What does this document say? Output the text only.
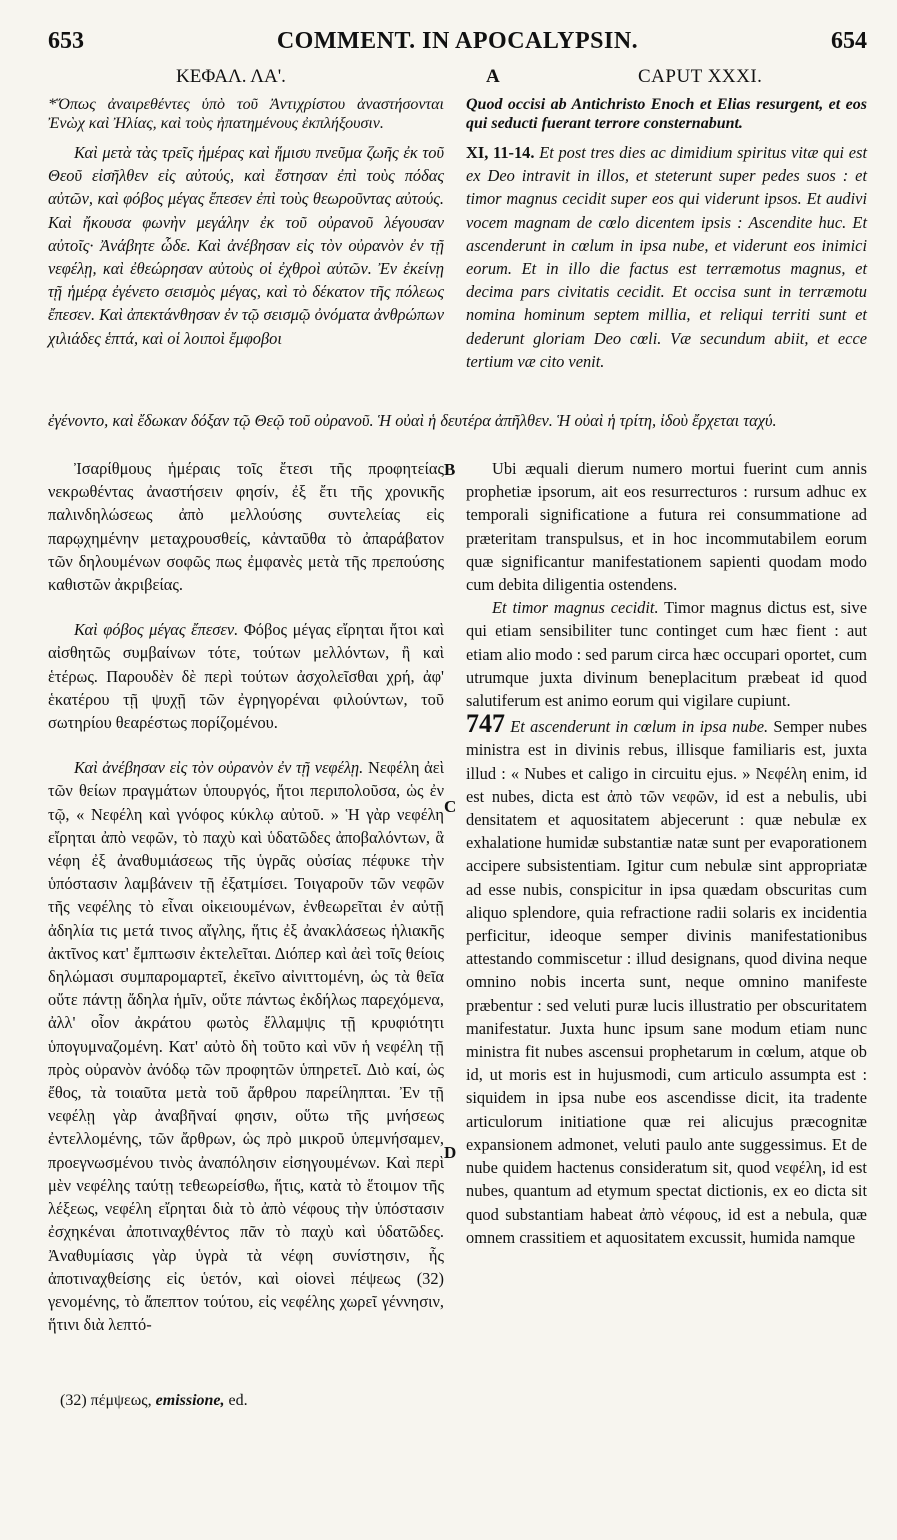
653	COMMENT. IN APOCALYPSIN.	654
ΚΕΦΑΛ. ΛΑ'.	A	CAPUT XXXI.

*Ὅπως ἀναιρεθέντες ὑπὸ τοῦ Ἀντιχρίστου ἀναστήσονται Ἐνὼχ καὶ Ἠλίας, καὶ τοὺς ἠπατημένους ἐκπλήξουσιν.

Καὶ μετὰ τὰς τρεῖς ἡμέρας καὶ ἥμισυ πνεῦμα ζωῆς ἐκ τοῦ Θεοῦ εἰσῆλθεν εἰς αὐτούς, καὶ ἔστησαν ἐπὶ τοὺς πόδας αὐτῶν, καὶ φόβος μέγας ἔπεσεν ἐπὶ τοὺς θεωροῦντας αὐτούς. Καὶ ἤκουσα φωνὴν μεγάλην ἐκ τοῦ οὐρανοῦ λέγουσαν αὐτοῖς· Ἀνάβητε ὧδε. Καὶ ἀνέβησαν εἰς τὸν οὐρανὸν ἐν τῇ νεφέλῃ, καὶ ἐθεώρησαν αὐτοὺς οἱ ἐχθροὶ αὐτῶν. Ἐν ἐκείνῃ τῇ ἡμέρᾳ ἐγένετο σεισμὸς μέγας, καὶ τὸ δέκατον τῆς πόλεως ἔπεσεν. Καὶ ἀπεκτάνθησαν ἐν τῷ σεισμῷ ὀνόματα ἀνθρώπων χιλιάδες ἑπτά, καὶ οἱ λοιποὶ ἔμφοβοι

Quod occisi ab Antichristo Enoch et Elias resurgent, et eos qui seducti fuerant terrore consternabunt.

XI, 11-14. Et post tres dies ac dimidium spiritus vitæ qui est ex Deo intravit in illos, et steterunt super pedes suos : et timor magnus cecidit super eos qui viderunt ipsos. Et audivi vocem magnam de cœlo dicentem ipsis : Ascendite huc. Et ascenderunt in cœlum in ipsa nube, et viderunt eos inimici eorum. Et in illo die factus est terræmotus magnus, et decima pars civitatis cecidit. Et occisa sunt in terræmotu nomina hominum septem millia, et reliqui territi sunt et dederunt gloriam Deo cœli. Væ secundum abiit, et ecce tertium væ cito venit.

ἐγένοντο, καὶ ἔδωκαν δόξαν τῷ Θεῷ τοῦ οὐρανοῦ. Ἡ οὐαὶ ἡ δευτέρα ἀπῆλθεν. Ἡ οὐαὶ ἡ τρίτη, ἰδοὺ ἔρχεται ταχύ.

Ἰσαρίθμους ἡμέραις τοῖς ἔτεσι τῆς προφητείας νεκρωθέντας ἀναστήσειν φησίν, ἐξ ἔτι τῆς χρονικῆς παλινδηλώσεως ἀπὸ μελλούσης συντελείας εἰς παρῳχημένην μεταχρουσθείς, κἀνταῦθα τὸ ἀπαράβατον τῶν δηλουμένων σοφῶς πως ἐμφανὲς μετὰ τῆς πρεπούσης καθιστῶν ἀκριβείας.

Καὶ φόβος μέγας ἔπεσεν. Φόβος μέγας εἴρηται ἤτοι καὶ αἰσθητῶς συμβαίνων τότε, τούτων μελλόντων, ἢ καὶ ἑτέρως. Παρουδὲν δὲ περὶ τούτων ἀσχολεῖσθαι χρή, ἀφ' ἑκατέρου τῇ ψυχῇ τῶν ἐγρηγορέναι φιλούντων, τοῦ σωτηρίου θεαρέστως πορίζομένου.

Καὶ ἀνέβησαν εἰς τὸν οὐρανὸν ἐν τῇ νεφέλῃ. Νεφέλη ἀεὶ τῶν θείων πραγμάτων ὑπουργός, ἤτοι περιπολοῦσα, ὡς ἐν τῷ, « Νεφέλη καὶ γνόφος κύκλῳ αὐτοῦ. » Ἡ γὰρ νεφέλη εἴρηται ἀπὸ νεφῶν, τὸ παχὺ καὶ ὑδατῶδες ἀποβαλόντων, ἃ νέφη ἐξ ἀναθυμιάσεως τῆς ὑγρᾶς οὐσίας πέφυκε τὴν ὑπόστασιν λαμβάνειν τῇ ἐξατμίσει. Τοιγαροῦν τῶν νεφῶν τῆς νεφέλης τὸ εἶναι οἰκειουμένων, ἐνθεωρεῖται ἐν αὐτῇ ἀδηλία τις μετά τινος αἴγλης, ἥτις ἐξ ἀνακλάσεως ἡλιακῆς ἀκτῖνος κατ' ἔμπτωσιν ἐκτελεῖται. Διόπερ καὶ ἀεὶ τοῖς θείοις δηλώμασι συμπαρομαρτεῖ, ἐκεῖνο αἰνιττομένη, ὡς τὰ θεῖα οὔτε πάντῃ ἄδηλα ἡμῖν, οὔτε πάντως ἐκδήλως παρεχόμενα, ἀλλ' οἷον ἀκράτου φωτὸς ἔλλαμψις τῇ κρυφιότητι ὑπογυμναζομένη. Κατ' αὐτὸ δὴ τοῦτο καὶ νῦν ἡ νεφέλη τῇ πρὸς οὐρανὸν ἀνόδῳ τῶν προφητῶν ὑπηρετεῖ. Διὸ καί, ὡς ἔθος, τὰ τοιαῦτα μετὰ τοῦ ἄρθρου παρείληπται. Ἐν τῇ νεφέλῃ γὰρ ἀναβῆναί φησιν, οὕτω τῆς μνήσεως ἐντελλομένης, τῶν ἄρθρων, ὡς πρὸ μικροῦ ὑπεμνήσαμεν, προεγνωσμένου τινὸς ἀναπόλησιν εἰσηγουμένων. Καὶ περὶ μὲν νεφέλης ταύτῃ τεθεωρείσθω, ἥτις, κατὰ τὸ ἕτοιμον τῆς λέξεως, νεφέλη εἴρηται διὰ τὸ ἀπὸ νέφους τὴν ὑπόστασιν ἐσχηκέναι ἀποτιναχθέντος πᾶν τὸ παχὺ καὶ ὑδατῶδες. Ἀναθυμίασις γὰρ ὑγρὰ τὰ νέφη συνίστησιν, ἧς ἀποτιναχθείσης εἰς ὑετόν, καὶ οἱονεὶ πέψεως (32) γενομένης, τὸ ἄπεπτον τούτου, εἰς νεφέλης χωρεῖ γέννησιν, ἥτινι διὰ λεπτό-

Ubi æquali dierum numero mortui fuerint cum annis prophetiæ ipsorum, ait eos resurrecturos : rursum adhuc ex temporali significatione a futura rei consummatione ad præteritam transpulsus, et in hoc incommutabilem eorum quæ significantur manifestationem sapienti quodam modo cum debita diligentia ostendens.

Et timor magnus cecidit. Timor magnus dictus est, sive qui etiam sensibiliter tunc continget cum hæc fient : aut etiam alio modo : sed parum circa hæc occupari oportet, cum utrumque juxta divinum beneplacitum præbeat id quod salutiferum est animo eorum qui vigilare cupiunt.

747 Et ascenderunt in cœlum in ipsa nube. Semper nubes ministra est in divinis rebus, illisque familiaris est, juxta illud : « Nubes et caligo in circuitu ejus. » Νεφέλη enim, id est nubes, dicta est ἀπὸ τῶν νεφῶν, id est a nebulis, ubi densitatem et aquositatem abjecerunt : quæ nebulæ ex exhalatione humidæ substantiæ natæ sunt per evaporationem accipere subsistentiam. Igitur cum nebulæ sint appropriatæ ad esse nubis, conspicitur in ipsa quædam obscuritas cum aliquo splendore, quia refractione radii solaris ex incidentia perficitur, ideoque semper divinis manifestationibus attestando commiscetur : illud designans, quod divina neque omnino nobis incerta sunt, neque omnino manifeste præbentur : sed veluti puræ lucis illustratio per obscuritatem manifestatur. Juxta hunc ipsum sane modum etiam nunc ministra fit nubes ascensui prophetarum in cœlum, atque ob id, ut moris est in hujusmodi, cum articulo assumpta est : siquidem in ipsa nube eos ascendisse dicit, ita tradente articulorum initiatione quæ rei alicujus præcognitæ expansionem admonet, veluti paulo ante suggessimus. Et de nube quidem hactenus consideratum sit, quod νεφέλη, id est nubes, quantum ad etymum spectat dictionis, ex eo dicta sit quod substantiam habeat ἀπὸ νέφους, id est a nebula, quæ omnem crassitiem et aquositatem excussit, humida namque

B
C
D
(32) πέμψεως, emissione, ed.
